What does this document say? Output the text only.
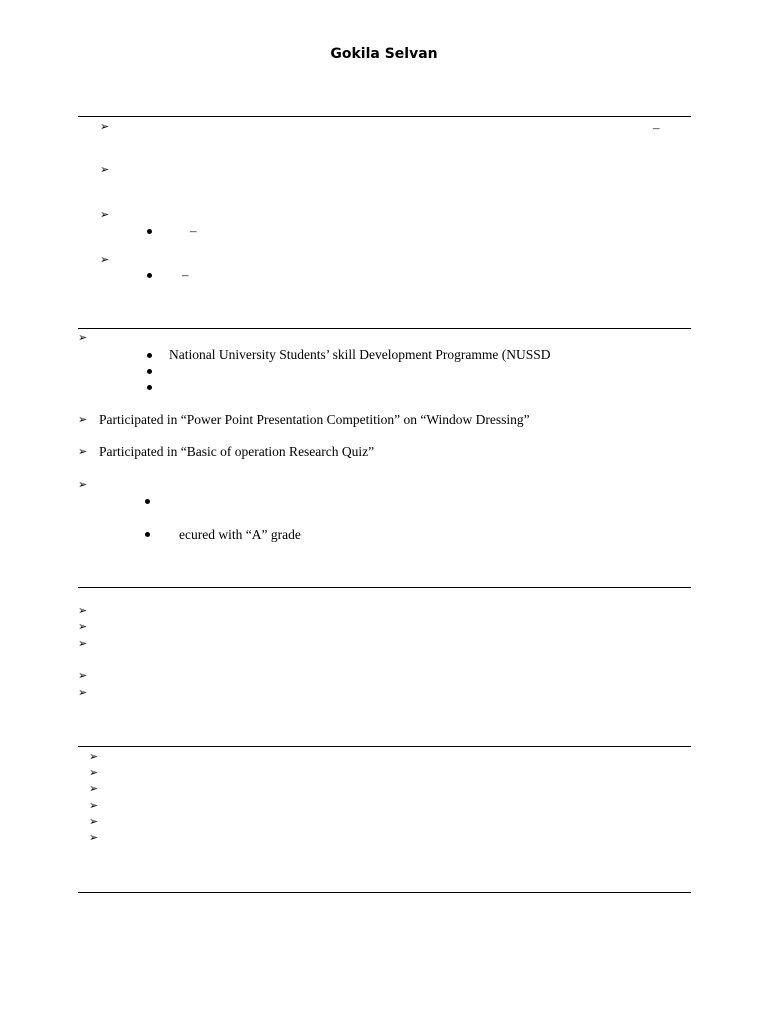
Gokila Selvan
➢	–
➢
➢
–
➢
–
➢
National University Students’ skill Development Programme (NUSSD
➢ Participated in “Power Point Presentation Competition” on “Window Dressing”
➢ Participated in “Basic of operation Research Quiz”
➢
ecured with “A” grade
➢
➢
➢
➢
➢
➢
➢
➢
➢
➢
➢
